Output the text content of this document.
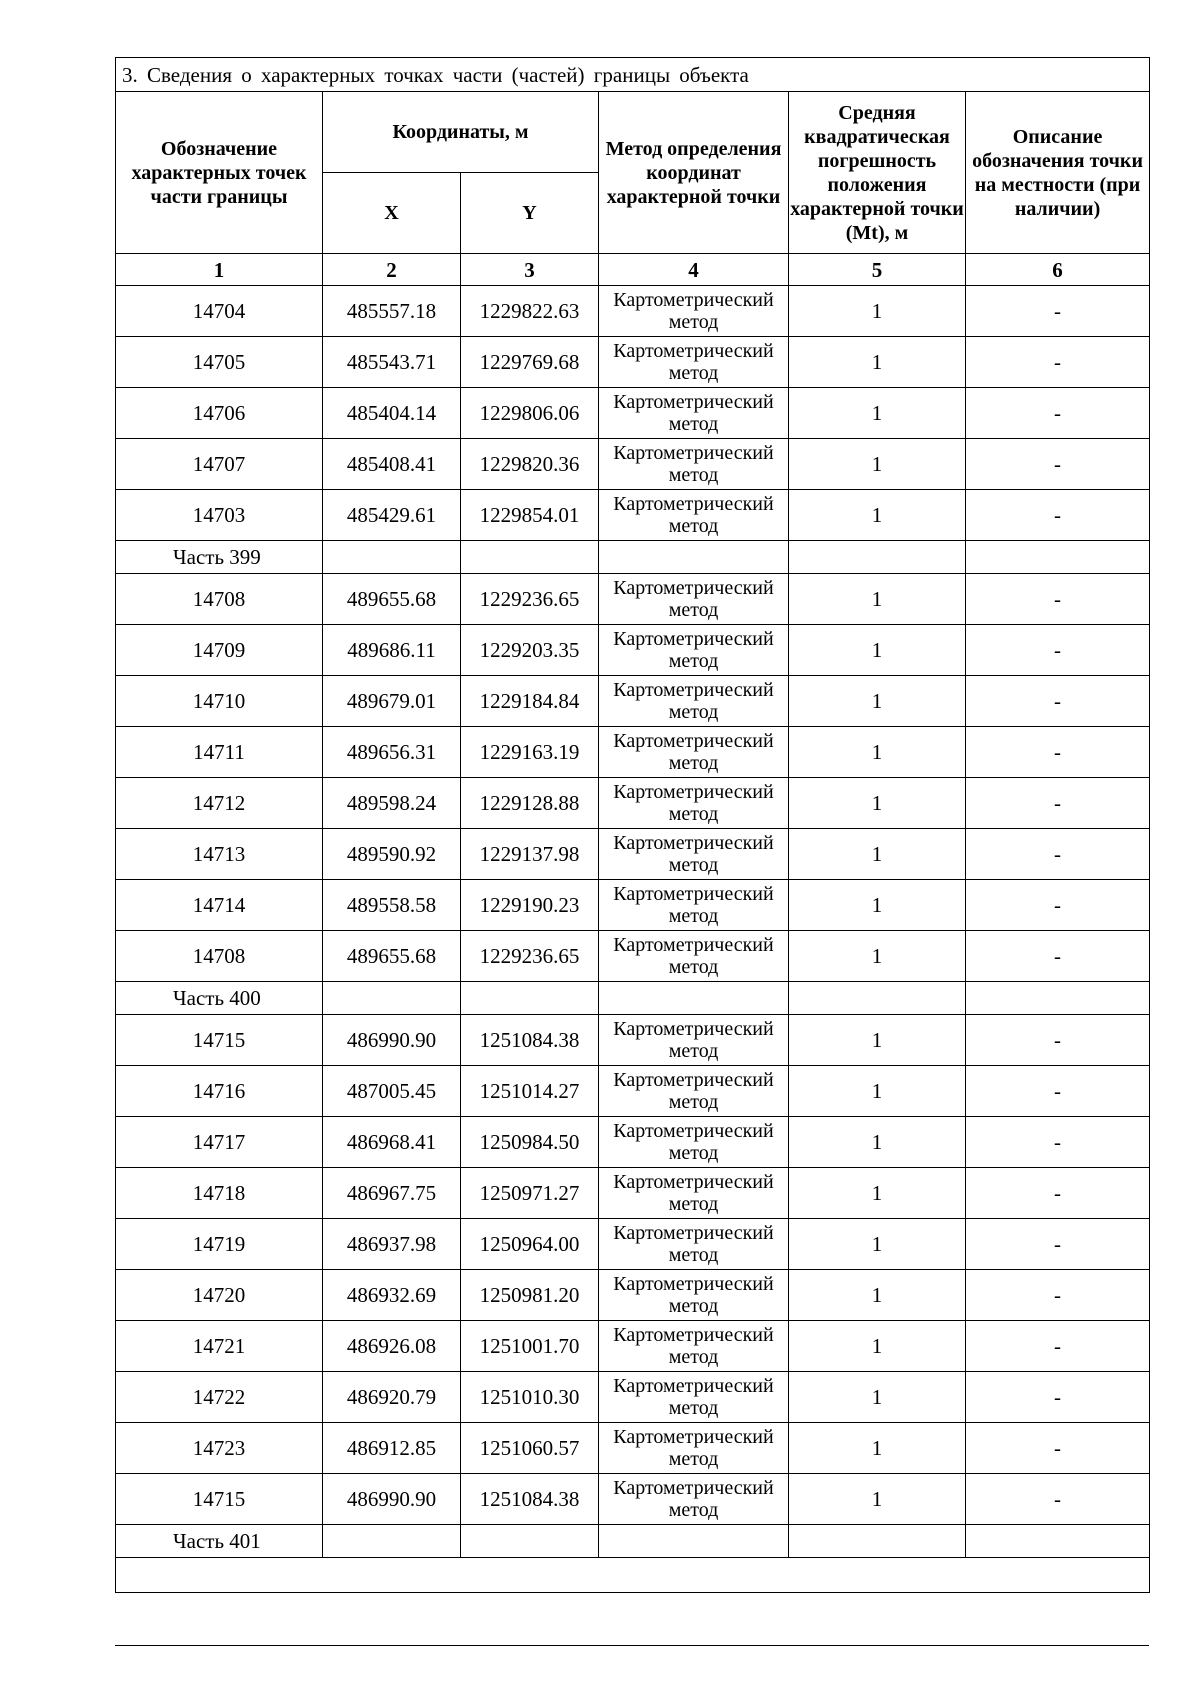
3. Сведения о характерных точках части (частей) границы объекта					
Обозначение характерных точек части границы	Координаты, м		Метод определения координат характерной точки	Средняя квадратическая погрешность положения характерной точки (Mt), м	Описание обозначения точки на местности (при наличии)
	X	Y			
1	2	3	4	5	6
14704	485557.18	1229822.63	Картометрический метод	1	-
14705	485543.71	1229769.68	Картометрический метод	1	-
14706	485404.14	1229806.06	Картометрический метод	1	-
14707	485408.41	1229820.36	Картометрический метод	1	-
14703	485429.61	1229854.01	Картометрический метод	1	-
Часть 399					
14708	489655.68	1229236.65	Картометрический метод	1	-
14709	489686.11	1229203.35	Картометрический метод	1	-
14710	489679.01	1229184.84	Картометрический метод	1	-
14711	489656.31	1229163.19	Картометрический метод	1	-
14712	489598.24	1229128.88	Картометрический метод	1	-
14713	489590.92	1229137.98	Картометрический метод	1	-
14714	489558.58	1229190.23	Картометрический метод	1	-
14708	489655.68	1229236.65	Картометрический метод	1	-
Часть 400					
14715	486990.90	1251084.38	Картометрический метод	1	-
14716	487005.45	1251014.27	Картометрический метод	1	-
14717	486968.41	1250984.50	Картометрический метод	1	-
14718	486967.75	1250971.27	Картометрический метод	1	-
14719	486937.98	1250964.00	Картометрический метод	1	-
14720	486932.69	1250981.20	Картометрический метод	1	-
14721	486926.08	1251001.70	Картометрический метод	1	-
14722	486920.79	1251010.30	Картометрический метод	1	-
14723	486912.85	1251060.57	Картометрический метод	1	-
14715	486990.90	1251084.38	Картометрический метод	1	-
Часть 401					
